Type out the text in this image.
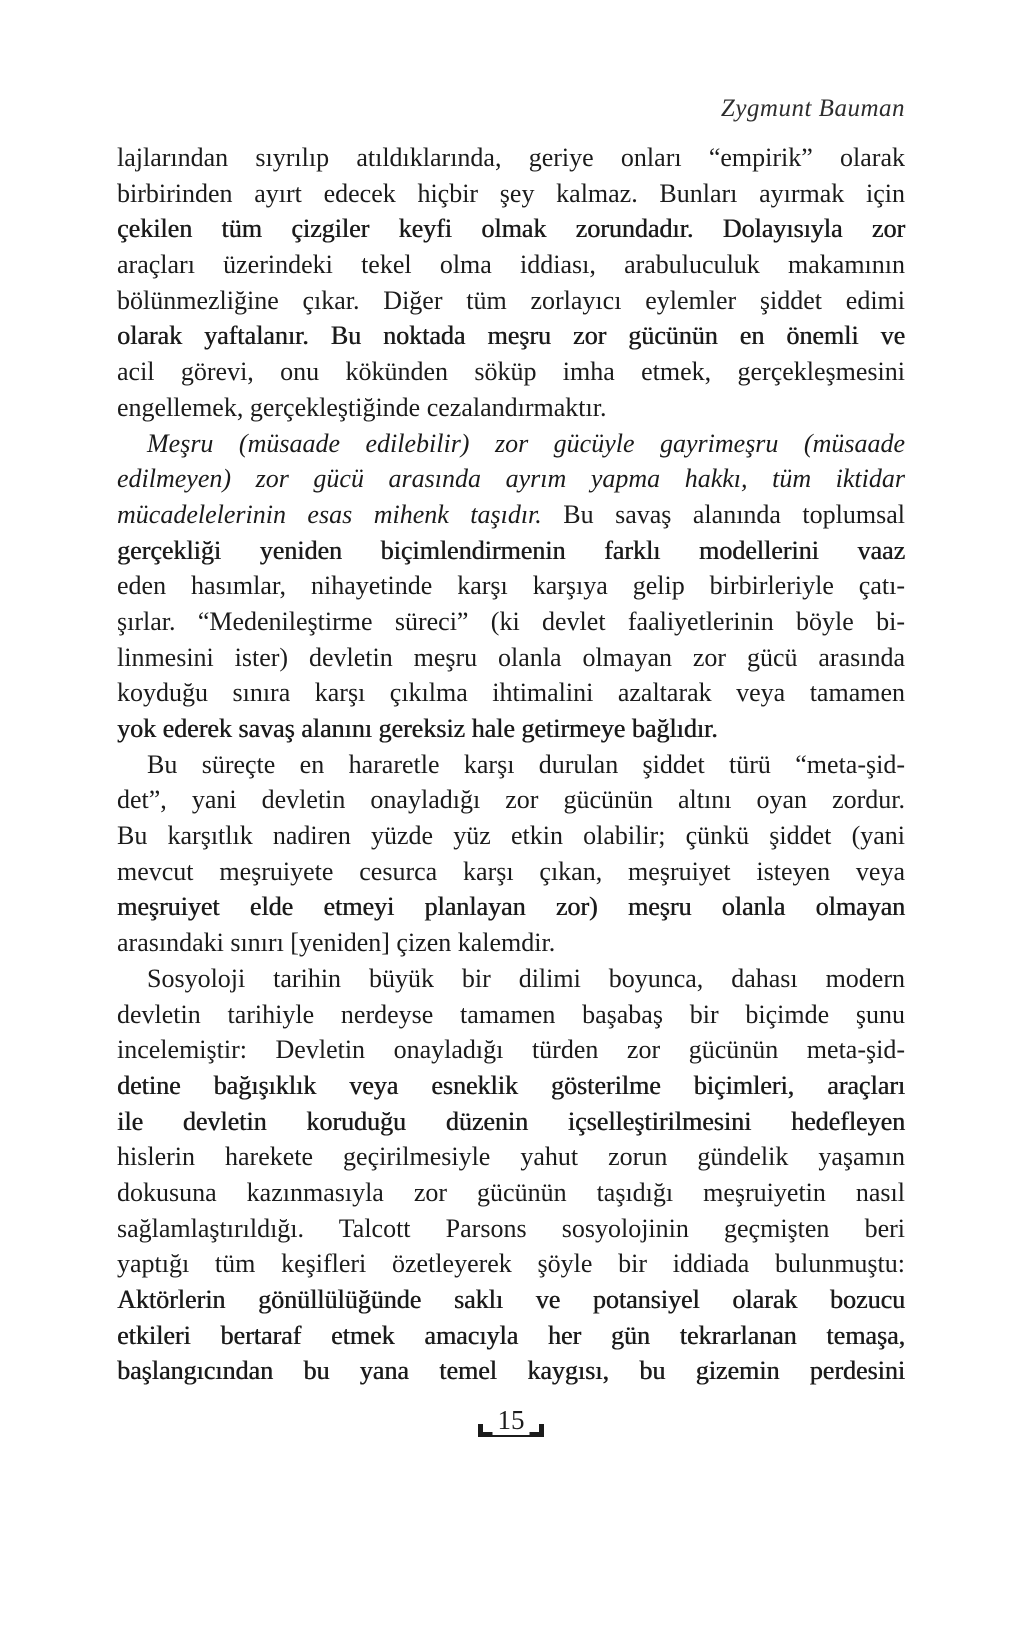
Zygmunt Bauman
lajlarından sıyrılıp atıldıklarında, geriye onları “empirik” olarak
birbirinden ayırt edecek hiçbir şey kalmaz. Bunları ayırmak için
çekilen tüm çizgiler keyfi olmak zorundadır. Dolayısıyla zor
araçları üzerindeki tekel olma iddiası, arabuluculuk makamının
bölünmezliğine çıkar. Diğer tüm zorlayıcı eylemler şiddet edimi
olarak yaftalanır. Bu noktada meşru zor gücünün en önemli ve
acil görevi, onu kökünden söküp imha etmek, gerçekleşmesini
engellemek, gerçekleştiğinde cezalandırmaktır.
Meşru (müsaade edilebilir) zor gücüyle gayrimeşru (müsaade
edilmeyen) zor gücü arasında ayrım yapma hakkı, tüm iktidar
mücadelelerinin esas mihenk taşıdır. Bu savaş alanında toplumsal
gerçekliği yeniden biçimlendirmenin farklı modellerini vaaz
eden hasımlar, nihayetinde karşı karşıya gelip birbirleriyle çatı-
şırlar. “Medenileştirme süreci” (ki devlet faaliyetlerinin böyle bi-
linmesini ister) devletin meşru olanla olmayan zor gücü arasında
koyduğu sınıra karşı çıkılma ihtimalini azaltarak veya tamamen
yok ederek savaş alanını gereksiz hale getirmeye bağlıdır.
Bu süreçte en hararetle karşı durulan şiddet türü “meta-şid-
det”, yani devletin onayladığı zor gücünün altını oyan zordur.
Bu karşıtlık nadiren yüzde yüz etkin olabilir; çünkü şiddet (yani
mevcut meşruiyete cesurca karşı çıkan, meşruiyet isteyen veya
meşruiyet elde etmeyi planlayan zor) meşru olanla olmayan
arasındaki sınırı [yeniden] çizen kalemdir.
Sosyoloji tarihin büyük bir dilimi boyunca, dahası modern
devletin tarihiyle nerdeyse tamamen başabaş bir biçimde şunu
incelemiştir: Devletin onayladığı türden zor gücünün meta-şid-
detine bağışıklık veya esneklik gösterilme biçimleri, araçları
ile devletin koruduğu düzenin içselleştirilmesini hedefleyen
hislerin harekete geçirilmesiyle yahut zorun gündelik yaşamın
dokusuna kazınmasıyla zor gücünün taşıdığı meşruiyetin nasıl
sağlamlaştırıldığı. Talcott Parsons sosyolojinin geçmişten beri
yaptığı tüm keşifleri özetleyerek şöyle bir iddiada bulunmuştu:
Aktörlerin gönüllülüğünde saklı ve potansiyel olarak bozucu
etkileri bertaraf etmek amacıyla her gün tekrarlanan temaşa,
başlangıcından bu yana temel kaygısı, bu gizemin perdesini
15
